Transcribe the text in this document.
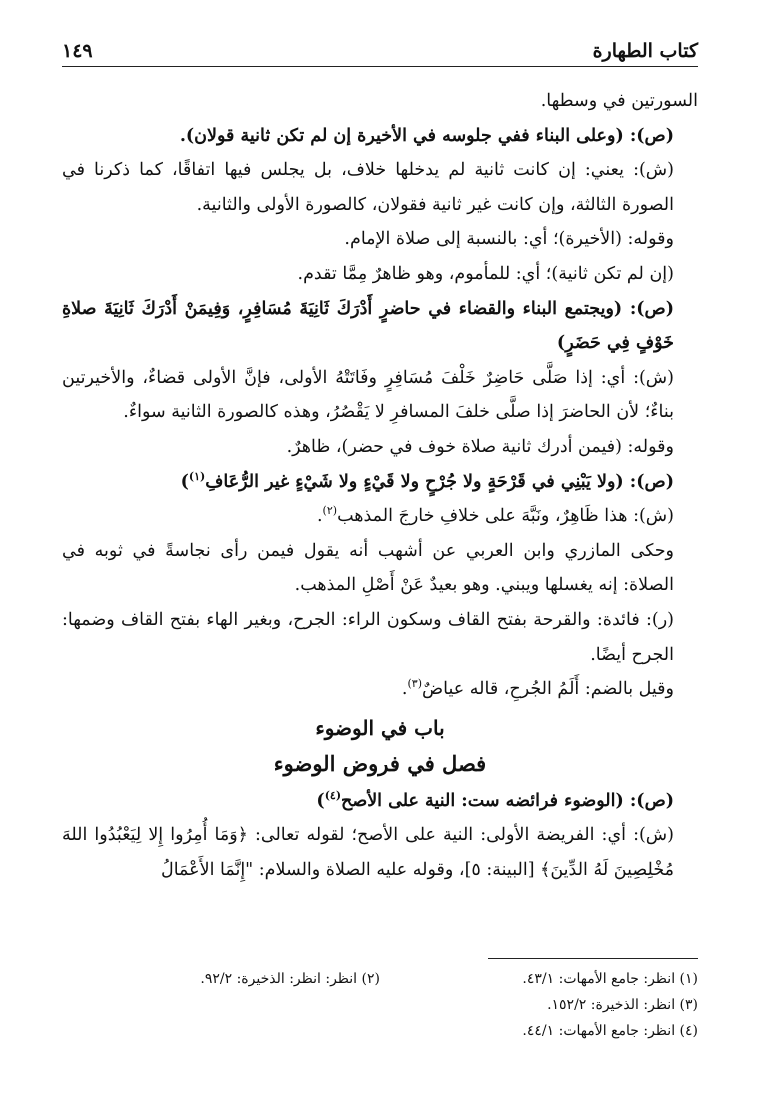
كتاب الطهارة
١٤٩

السورتين في وسطها.

(ص): (وعلى البناء ففي جلوسه في الأخيرة إن لم تكن ثانية قولان).

(ش): يعني: إن كانت ثانية لم يدخلها خلاف، بل يجلس فيها اتفاقًا، كما ذكرنا في الصورة الثالثة، وإن كانت غير ثانية فقولان، كالصورة الأولى والثانية.

وقوله: (الأخيرة)؛ أي: بالنسبة إلى صلاة الإمام.

(إن لم تكن ثانية)؛ أي: للمأموم، وهو ظاهرٌ مِمَّا تقدم.

(ص): (ويجتمع البناء والقضاء في حاضرٍ أَدْرَكَ ثَانِيَةَ مُسَافِرٍ، وَفِيمَنْ أَدْرَكَ ثَانِيَةَ صلاةِ خَوْفٍ فِي حَضَرٍ)

(ش): أي: إذا صَلَّى حَاضِرٌ خَلْفَ مُسَافِرٍ وفَاتَتْهُ الأولى، فإنَّ الأولى قضاءٌ، والأخيرتين بناءٌ؛ لأن الحاضرَ إذا صلَّى خلفَ المسافرِ لا يَقْصُرُ، وهذه كالصورة الثانية سواءٌ.

وقوله: (فيمن أدرك ثانية صلاة خوف في حضر)، ظاهرٌ.

(ص): (ولا يَبْنِي في قَرْحَةٍ ولا جُرْحٍ ولا قَيْءٍ ولا شَيْءٍ غير الرُّعَافِ$^{(١)}$)

(ش): هذا ظَاهِرٌ، ونَبَّهَ على خلافِ خارجَ المذهب$^{(٢)}$.

وحكى المازري وابن العربي عن أشهب أنه يقول فيمن رأى نجاسةً في ثوبه في الصلاة: إنه يغسلها ويبني. وهو بعيدٌ عَنْ أَصْلِ المذهب.

(ر): فائدة: والقرحة بفتح القاف وسكون الراء: الجرح، وبغير الهاء بفتح القاف وضمها: الجرح أيضًا.

وقيل بالضم: أَلَمُ الجُرحِ، قاله عياضٌ$^{(٣)}$.

باب في الوضوء
فصل في فروض الوضوء

(ص): (الوضوء فرائضه ست: النية على الأصح$^{(٤)}$)

(ش): أي: الفريضة الأولى: النية على الأصح؛ لقوله تعالى: ﴿وَمَا أُمِرُوا إِلا لِيَعْبُدُوا اللهَ مُخْلِصِينَ لَهُ الدِّينَ﴾ [البينة: ٥]، وقوله عليه الصلاة والسلام: "إِنَّمَا الأَعْمَالُ

(١) انظر: جامع الأمهات: ٤٣/١.
(٢) انظر: انظر: الذخيرة: ٩٢/٢.
(٣) انظر: الذخيرة: ١٥٢/٢.
(٤) انظر: جامع الأمهات: ٤٤/١.
